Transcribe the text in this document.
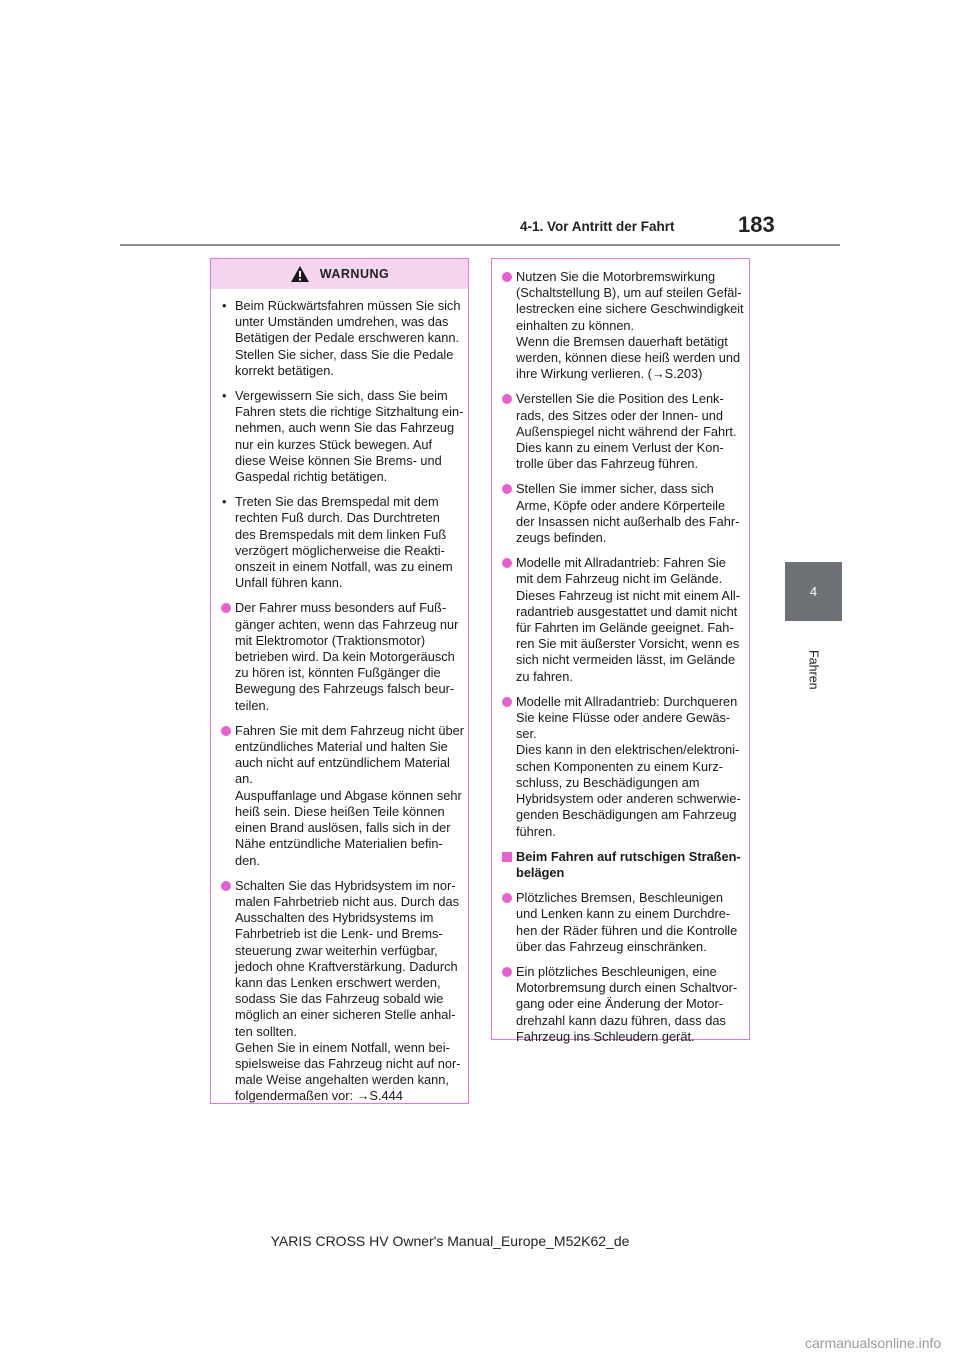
4-1. Vor Antritt der Fahrt	183
4
Fahren
WARNUNG
• Beim Rückwärtsfahren müssen Sie sich
unter Umständen umdrehen, was das
Betätigen der Pedale erschweren kann.
Stellen Sie sicher, dass Sie die Pedale
korrekt betätigen.
• Vergewissern Sie sich, dass Sie beim
Fahren stets die richtige Sitzhaltung ein-
nehmen, auch wenn Sie das Fahrzeug
nur ein kurzes Stück bewegen. Auf
diese Weise können Sie Brems- und
Gaspedal richtig betätigen.
• Treten Sie das Bremspedal mit dem
rechten Fuß durch. Das Durchtreten
des Bremspedals mit dem linken Fuß
verzögert möglicherweise die Reakti-
onszeit in einem Notfall, was zu einem
Unfall führen kann.
Der Fahrer muss besonders auf Fuß-
gänger achten, wenn das Fahrzeug nur
mit Elektromotor (Traktionsmotor)
betrieben wird. Da kein Motorgeräusch
zu hören ist, könnten Fußgänger die
Bewegung des Fahrzeugs falsch beur-
teilen.
Fahren Sie mit dem Fahrzeug nicht über
entzündliches Material und halten Sie
auch nicht auf entzündlichem Material
an.
Auspuffanlage und Abgase können sehr
heiß sein. Diese heißen Teile können
einen Brand auslösen, falls sich in der
Nähe entzündliche Materialien befin-
den.
Schalten Sie das Hybridsystem im nor-
malen Fahrbetrieb nicht aus. Durch das
Ausschalten des Hybridsystems im
Fahrbetrieb ist die Lenk- und Brems-
steuerung zwar weiterhin verfügbar,
jedoch ohne Kraftverstärkung. Dadurch
kann das Lenken erschwert werden,
sodass Sie das Fahrzeug sobald wie
möglich an einer sicheren Stelle anhal-
ten sollten.
Gehen Sie in einem Notfall, wenn bei-
spielsweise das Fahrzeug nicht auf nor-
male Weise angehalten werden kann,
folgendermaßen vor: →S.444
Nutzen Sie die Motorbremswirkung
(Schaltstellung B), um auf steilen Gefäl-
lestrecken eine sichere Geschwindigkeit
einhalten zu können.
Wenn die Bremsen dauerhaft betätigt
werden, können diese heiß werden und
ihre Wirkung verlieren. (→S.203)
Verstellen Sie die Position des Lenk-
rads, des Sitzes oder der Innen- und
Außenspiegel nicht während der Fahrt.
Dies kann zu einem Verlust der Kon-
trolle über das Fahrzeug führen.
Stellen Sie immer sicher, dass sich
Arme, Köpfe oder andere Körperteile
der Insassen nicht außerhalb des Fahr-
zeugs befinden.
Modelle mit Allradantrieb: Fahren Sie
mit dem Fahrzeug nicht im Gelände.
Dieses Fahrzeug ist nicht mit einem All-
radantrieb ausgestattet und damit nicht
für Fahrten im Gelände geeignet. Fah-
ren Sie mit äußerster Vorsicht, wenn es
sich nicht vermeiden lässt, im Gelände
zu fahren.
Modelle mit Allradantrieb: Durchqueren
Sie keine Flüsse oder andere Gewäs-
ser.
Dies kann in den elektrischen/elektroni-
schen Komponenten zu einem Kurz-
schluss, zu Beschädigungen am
Hybridsystem oder anderen schwerwie-
genden Beschädigungen am Fahrzeug
führen.
Beim Fahren auf rutschigen Straßen-
belägen
Plötzliches Bremsen, Beschleunigen
und Lenken kann zu einem Durchdre-
hen der Räder führen und die Kontrolle
über das Fahrzeug einschränken.
Ein plötzliches Beschleunigen, eine
Motorbremsung durch einen Schaltvor-
gang oder eine Änderung der Motor-
drehzahl kann dazu führen, dass das
Fahrzeug ins Schleudern gerät.
YARIS CROSS HV Owner's Manual_Europe_M52K62_de
carmanualsonline.info
